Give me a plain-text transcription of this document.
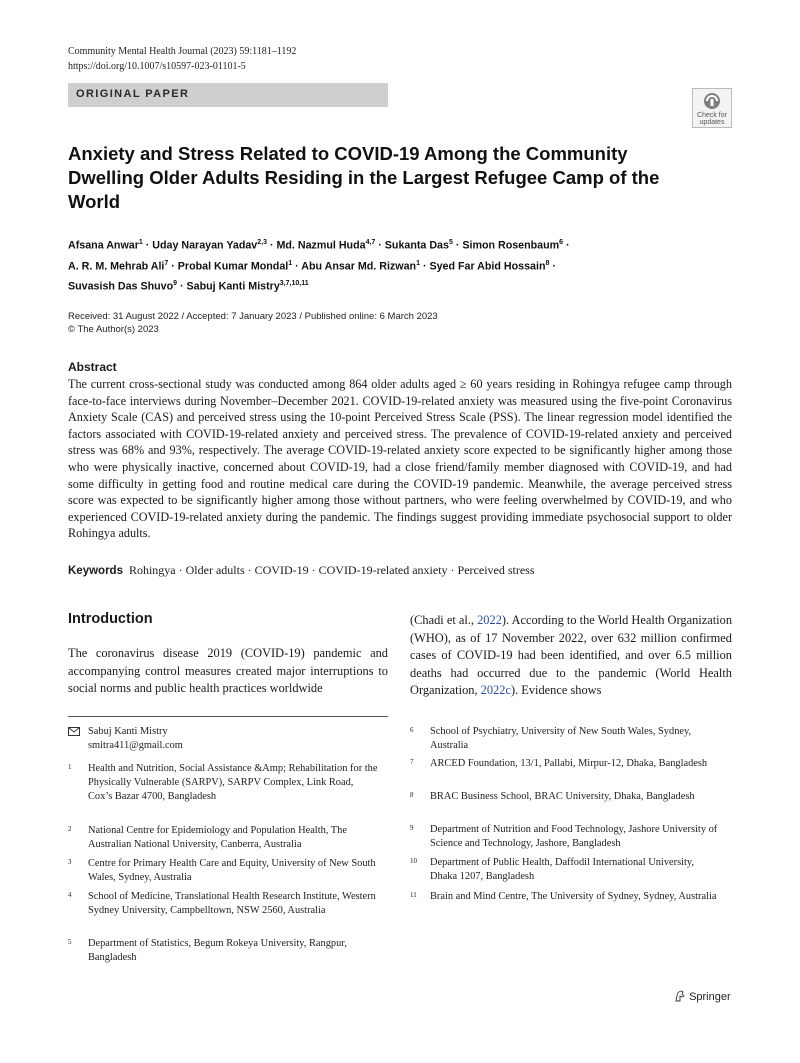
Community Mental Health Journal (2023) 59:1181–1192
https://doi.org/10.1007/s10597-023-01101-5
ORIGINAL PAPER
Check for
updates
Anxiety and Stress Related to COVID-19 Among the Community Dwelling Older Adults Residing in the Largest Refugee Camp of the World
Afsana Anwar$^1$ · Uday Narayan Yadav$^{2,3}$ · Md. Nazmul Huda$^{4,7}$ · Sukanta Das$^5$ · Simon Rosenbaum$^6$ ·
A. R. M. Mehrab Ali$^7$ · Probal Kumar Mondal$^1$ · Abu Ansar Md. Rizwan$^1$ · Syed Far Abid Hossain$^8$ ·
Suvasish Das Shuvo$^9$ · Sabuj Kanti Mistry$^{3,7,10,11}$
Received: 31 August 2022 / Accepted: 7 January 2023 / Published online: 6 March 2023
© The Author(s) 2023
Abstract
The current cross-sectional study was conducted among 864 older adults aged ≥ 60 years residing in Rohingya refugee camp through face-to-face interviews during November–December 2021. COVID-19-related anxiety was measured using the five-point Coronavirus Anxiety Scale (CAS) and perceived stress using the 10-point Perceived Stress Scale (PSS). The linear regression model identified the factors associated with COVID-19-related anxiety and perceived stress. The prevalence of COVID-19-related anxiety and perceived stress was 68% and 93%, respectively. The average COVID-19-related anxiety score expected to be significantly higher among those who were physically inactive, concerned about COVID-19, had a close friend/family member diagnosed with COVID-19, and had some difficulty in getting food and routine medical care during the COVID-19 pandemic. Meanwhile, the average perceived stress score was expected to be significantly higher among those without partners, who were feeling overwhelmed by COVID-19, and who experienced COVID-19-related anxiety during the pandemic. The findings suggest providing immediate psychosocial support to older Rohingya adults.
Keywords Rohingya · Older adults · COVID-19 · COVID-19-related anxiety · Perceived stress
Introduction
The coronavirus disease 2019 (COVID-19) pandemic and accompanying control measures created major interruptions to social norms and public health practices worldwide
(Chadi et al., 2022). According to the World Health Organization (WHO), as of 17 November 2022, over 632 million confirmed cases of COVID-19 had been identified, and over 6.5 million deaths had occurred due to the pandemic (World Health Organization, 2022c). Evidence shows
Sabuj Kanti Mistry
smitra411@gmail.com
1 Health and Nutrition, Social Assistance &Amp; Rehabilitation for the Physically Vulnerable (SARPV), SARPV Complex, Link Road, Cox’s Bazar 4700, Bangladesh
2 National Centre for Epidemiology and Population Health, The Australian National University, Canberra, Australia
3 Centre for Primary Health Care and Equity, University of New South Wales, Sydney, Australia
4 School of Medicine, Translational Health Research Institute, Western Sydney University, Campbelltown, NSW 2560, Australia
5 Department of Statistics, Begum Rokeya University, Rangpur, Bangladesh
6 School of Psychiatry, University of New South Wales, Sydney, Australia
7 ARCED Foundation, 13/1, Pallabi, Mirpur-12, Dhaka, Bangladesh
8 BRAC Business School, BRAC University, Dhaka, Bangladesh
9 Department of Nutrition and Food Technology, Jashore University of Science and Technology, Jashore, Bangladesh
10 Department of Public Health, Daffodil International University, Dhaka 1207, Bangladesh
11 Brain and Mind Centre, The University of Sydney, Sydney, Australia
Springer
